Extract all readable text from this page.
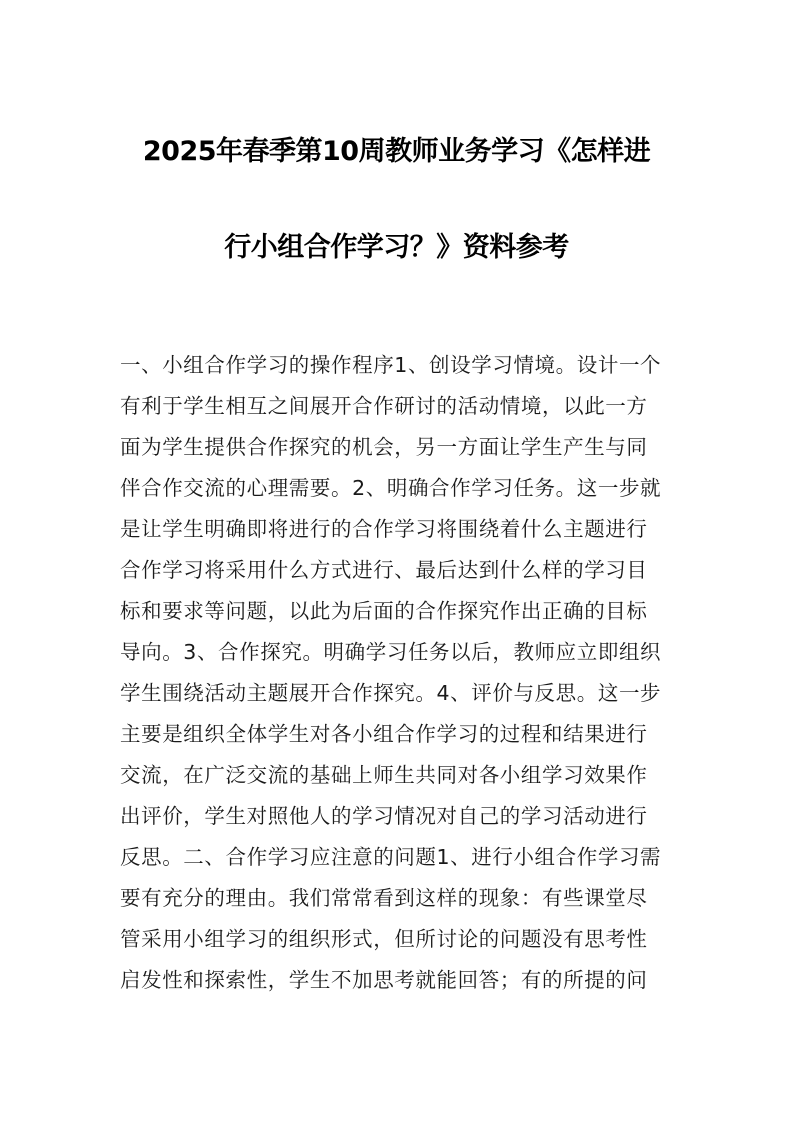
2025年春季第10周教师业务学习《怎样进
行小组合作学习？》资料参考
一、小组合作学习的操作程序1、创设学习情境。设计一个
有利于学生相互之间展开合作研讨的活动情境，以此一方
面为学生提供合作探究的机会，另一方面让学生产生与同
伴合作交流的心理需要。2、明确合作学习任务。这一步就
是让学生明确即将进行的合作学习将围绕着什么主题进行
合作学习将采用什么方式进行、最后达到什么样的学习目
标和要求等问题，以此为后面的合作探究作出正确的目标
导向。3、合作探究。明确学习任务以后，教师应立即组织
学生围绕活动主题展开合作探究。4、评价与反思。这一步
主要是组织全体学生对各小组合作学习的过程和结果进行
交流，在广泛交流的基础上师生共同对各小组学习效果作
出评价，学生对照他人的学习情况对自己的学习活动进行
反思。二、合作学习应注意的问题1、进行小组合作学习需
要有充分的理由。我们常常看到这样的现象：有些课堂尽
管采用小组学习的组织形式，但所讨论的问题没有思考性
启发性和探索性，学生不加思考就能回答；有的所提的问
